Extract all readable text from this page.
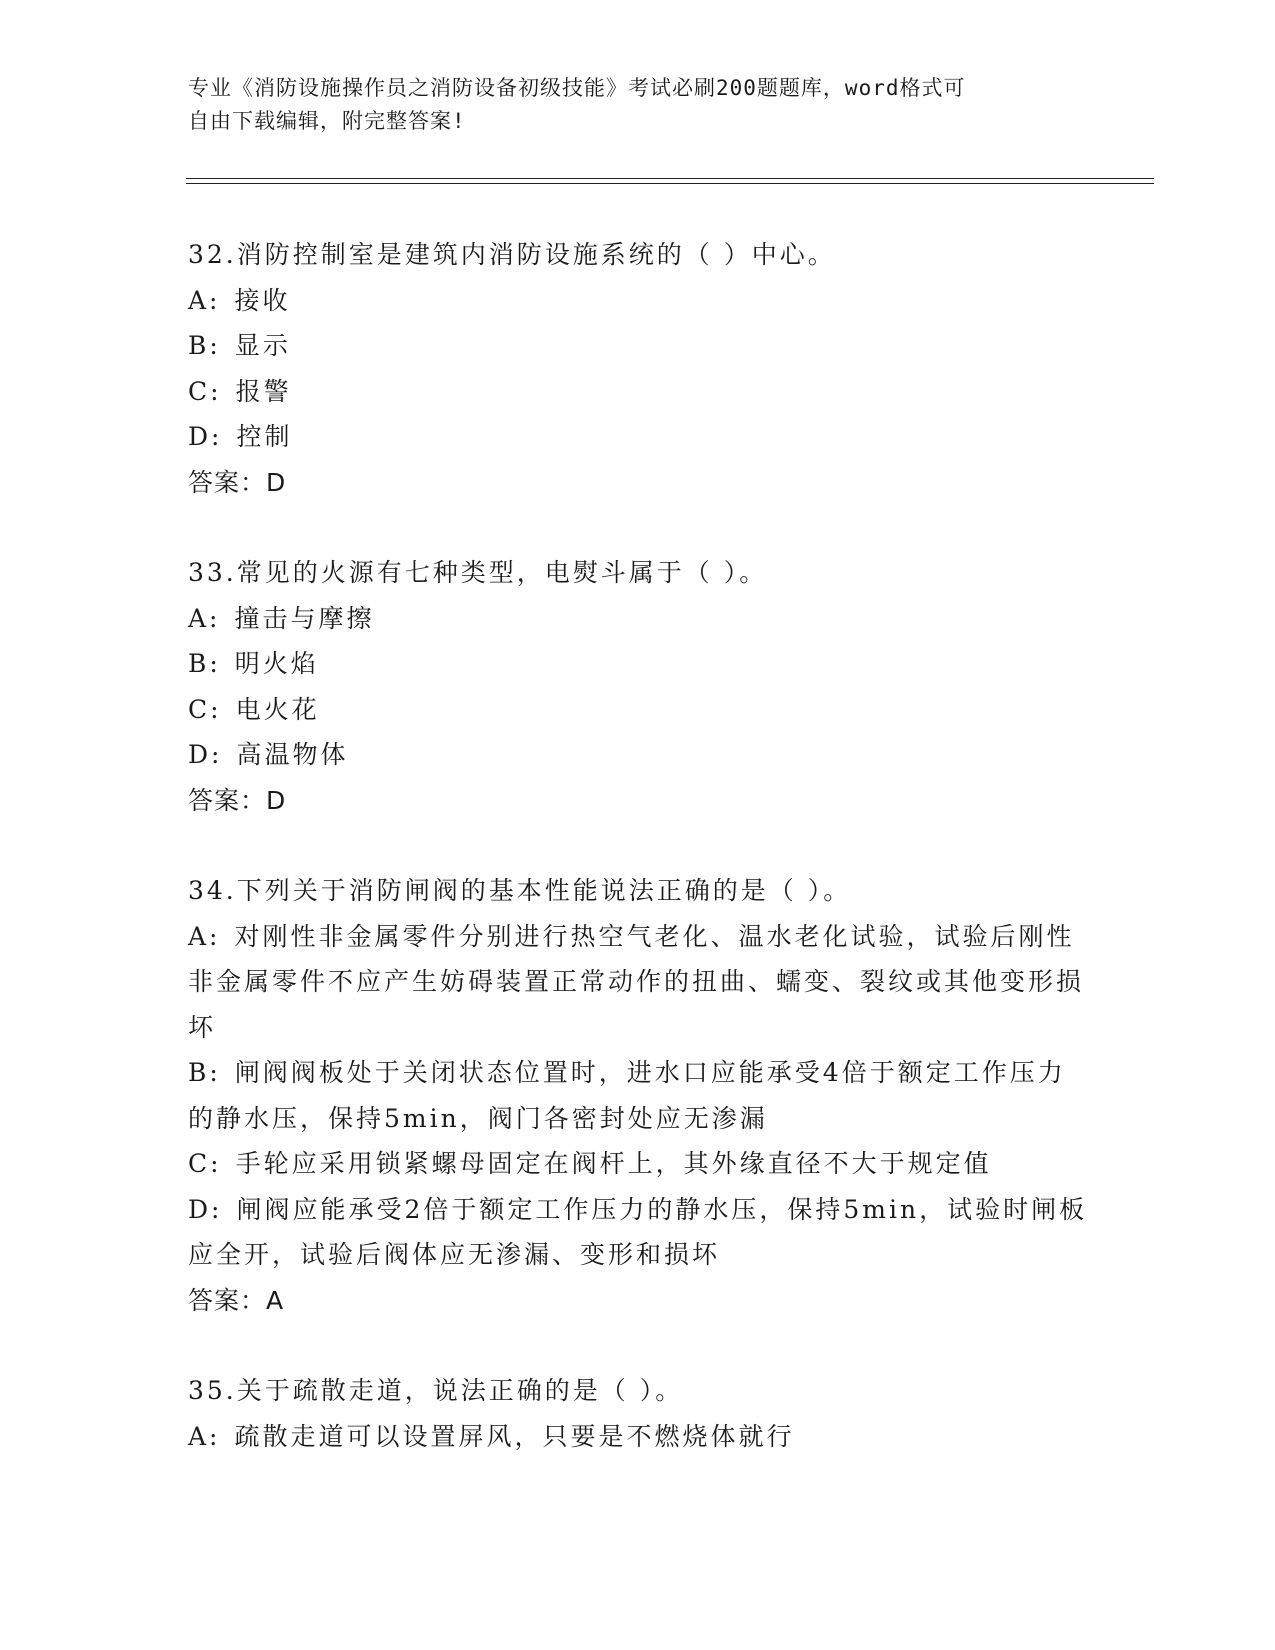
专业《消防设施操作员之消防设备初级技能》考试必刷200题题库，word格式可
自由下载编辑，附完整答案!

32.消防控制室是建筑内消防设施系统的（ ）中心。

A: 接收

B: 显示

C: 报警

D: 控制

答案：D

33.常见的火源有七种类型，电熨斗属于（ ）。

A: 撞击与摩擦

B: 明火焰

C: 电火花

D: 高温物体

答案：D

34.下列关于消防闸阀的基本性能说法正确的是（ ）。

A: 对刚性非金属零件分别进行热空气老化、温水老化试验，试验后刚性非金属零件不应产生妨碍装置正常动作的扭曲、蠕变、裂纹或其他变形损坏

B: 闸阀阀板处于关闭状态位置时，进水口应能承受4倍于额定工作压力的静水压，保持5min，阀门各密封处应无渗漏

C: 手轮应采用锁紧螺母固定在阀杆上，其外缘直径不大于规定值

D: 闸阀应能承受2倍于额定工作压力的静水压，保持5min，试验时闸板应全开，试验后阀体应无渗漏、变形和损坏

答案：A

35.关于疏散走道，说法正确的是（ ）。

A: 疏散走道可以设置屏风，只要是不燃烧体就行
